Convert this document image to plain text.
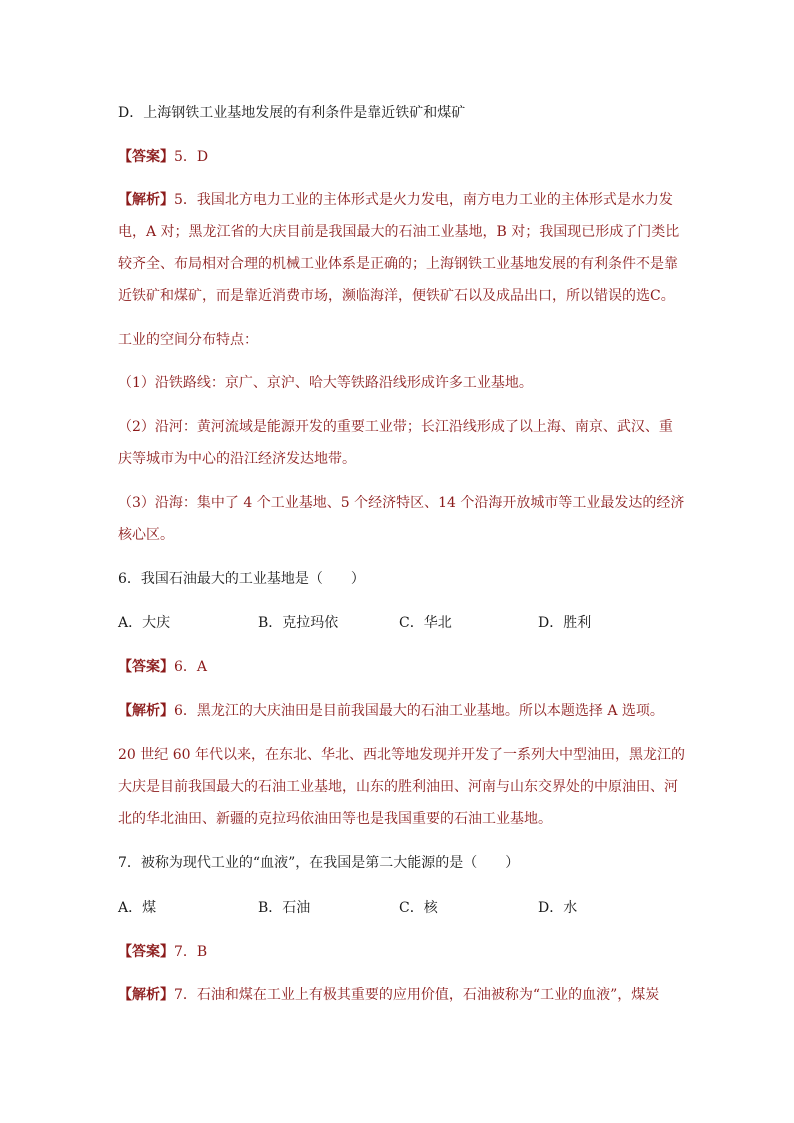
D．上海钢铁工业基地发展的有利条件是靠近铁矿和煤矿
【答案】5．D
【解析】5．我国北方电力工业的主体形式是火力发电，南方电力工业的主体形式是水力发
电，A 对；黑龙江省的大庆目前是我国最大的石油工业基地，B 对；我国现已形成了门类比
较齐全、布局相对合理的机械工业体系是正确的；上海钢铁工业基地发展的有利条件不是靠
近铁矿和煤矿，而是靠近消费市场，濒临海洋，便铁矿石以及成品出口，所以错误的选C。
工业的空间分布特点：
（1）沿铁路线：京广、京沪、哈大等铁路沿线形成许多工业基地。
（2）沿河：黄河流域是能源开发的重要工业带；长江沿线形成了以上海、南京、武汉、重
庆等城市为中心的沿江经济发达地带。
（3）沿海：集中了 4 个工业基地、5 个经济特区、14 个沿海开放城市等工业最发达的经济
核心区。
6．我国石油最大的工业基地是（　　）
A．大庆	B．克拉玛依	C．华北	D．胜利
【答案】6．A
【解析】6．黑龙江的大庆油田是目前我国最大的石油工业基地。所以本题选择 A 选项。
20 世纪 60 年代以来，在东北、华北、西北等地发现并开发了一系列大中型油田，黑龙江的
大庆是目前我国最大的石油工业基地，山东的胜利油田、河南与山东交界处的中原油田、河
北的华北油田、新疆的克拉玛依油田等也是我国重要的石油工业基地。
7．被称为现代工业的“血液”，在我国是第二大能源的是（　　）
A．煤	B．石油	C．核	D．水
【答案】7．B
【解析】7．石油和煤在工业上有极其重要的应用价值，石油被称为“工业的血液”，煤炭
